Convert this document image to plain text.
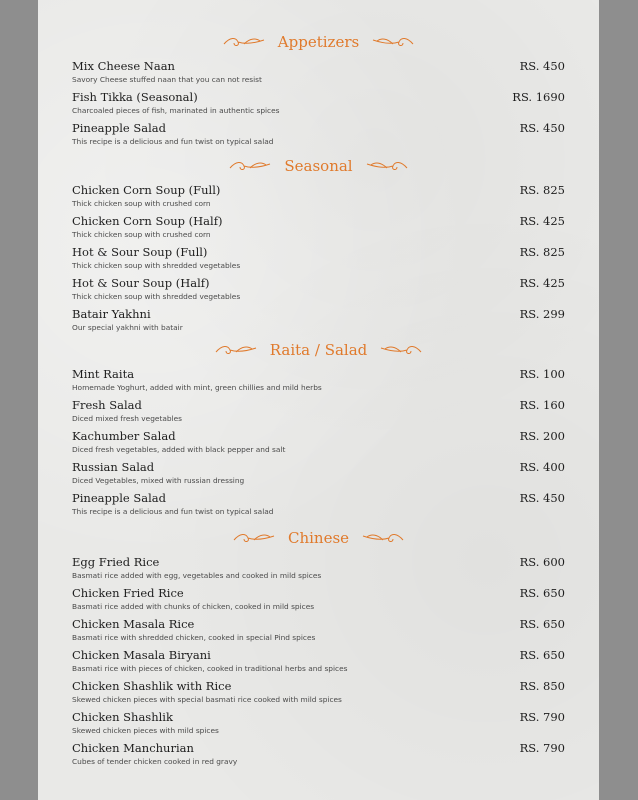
Appetizers
Mix Cheese Naan
Savory Cheese stuffed naan that you can not resist
RS. 450
Fish Tikka (Seasonal)
Charcoaled pieces of fish, marinated in authentic spices
RS. 1690
Pineapple Salad
This recipe is a delicious and fun twist on typical salad
RS. 450
Seasonal
Chicken Corn Soup (Full)
Thick chicken soup with crushed corn
RS. 825
Chicken Corn Soup (Half)
Thick chicken soup with crushed corn
RS. 425
Hot & Sour Soup (Full)
Thick chicken soup with shredded vegetables
RS. 825
Hot & Sour Soup (Half)
Thick chicken soup with shredded vegetables
RS. 425
Batair Yakhni
Our special yakhni with batair
RS. 299
Raita / Salad
Mint Raita
Homemade Yoghurt, added with mint, green chillies and mild herbs
RS. 100
Fresh Salad
Diced mixed fresh vegetables
RS. 160
Kachumber Salad
Diced fresh vegetables, added with black pepper and salt
RS. 200
Russian Salad
Diced Vegetables, mixed with russian dressing
RS. 400
Pineapple Salad
This recipe is a delicious and fun twist on typical salad
RS. 450
Chinese
Egg Fried Rice
Basmati rice added with egg, vegetables and cooked in mild spices
RS. 600
Chicken Fried Rice
Basmati rice added with chunks of chicken, cooked in mild spices
RS. 650
Chicken Masala Rice
Basmati rice with shredded chicken, cooked in special Pind spices
RS. 650
Chicken Masala Biryani
Basmati rice with pieces of chicken, cooked in traditional herbs and spices
RS. 650
Chicken Shashlik with Rice
Skewed chicken pieces with special basmati rice cooked with mild spices
RS. 850
Chicken Shashlik
Skewed chicken pieces with mild spices
RS. 790
Chicken Manchurian
Cubes of tender chicken cooked in red gravy
RS. 790
